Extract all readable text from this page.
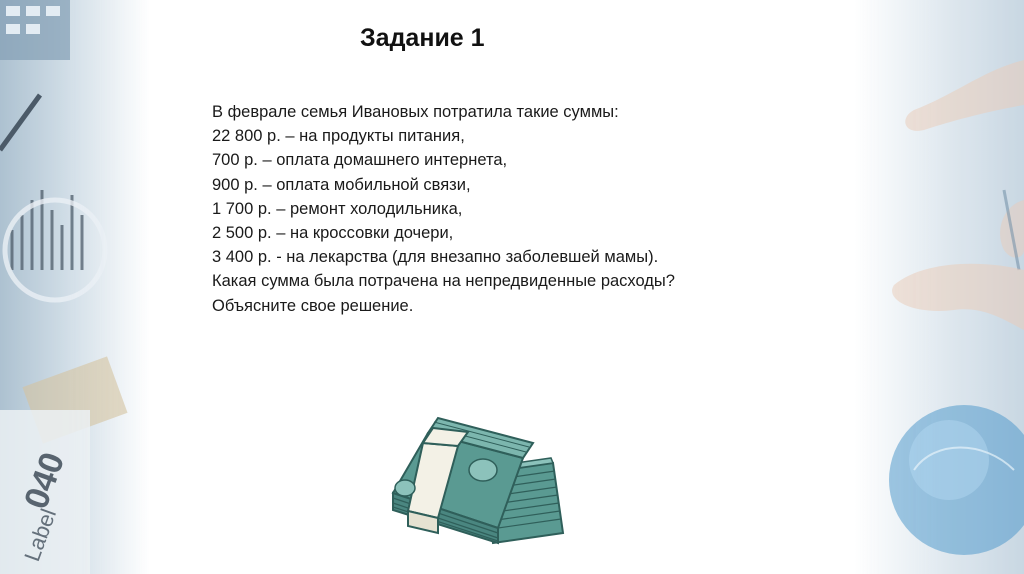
040
Label
Задание 1
В феврале семья Ивановых потратила такие суммы:
22 800 р. – на продукты питания,
700 р. – оплата домашнего интернета,
900 р. – оплата мобильной связи,
1 700 р. – ремонт холодильника,
2 500 р. – на кроссовки дочери,
3 400 р. - на лекарства (для внезапно заболевшей мамы).
Какая сумма была потрачена на непредвиденные расходы?
Объясните свое решение.
